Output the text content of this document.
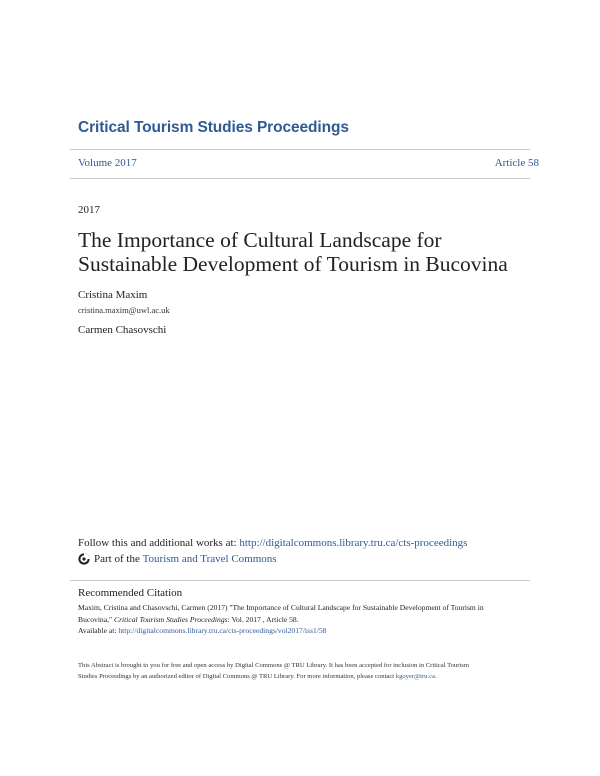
Critical Tourism Studies Proceedings
Volume 2017	Article 58
2017
The Importance of Cultural Landscape for
Sustainable Development of Tourism in Bucovina
Cristina Maxim
cristina.maxim@uwl.ac.uk
Carmen Chasovschi
Follow this and additional works at: http://digitalcommons.library.tru.ca/cts-proceedings
Part of the
Tourism and Travel Commons
Recommended Citation
Maxim, Cristina and Chasovschi, Carmen (2017) "The Importance of Cultural Landscape for Sustainable Development of Tourism in
Bucovina," Critical Tourism Studies Proceedings: Vol. 2017 , Article 58.
Available at: http://digitalcommons.library.tru.ca/cts-proceedings/vol2017/iss1/58
This Abstract is brought to you for free and open access by Digital Commons @ TRU Library. It has been accepted for inclusion in Critical Tourism
Studies Proceedings by an authorized editor of Digital Commons @ TRU Library. For more information, please contact kgoyer@tru.ca.
